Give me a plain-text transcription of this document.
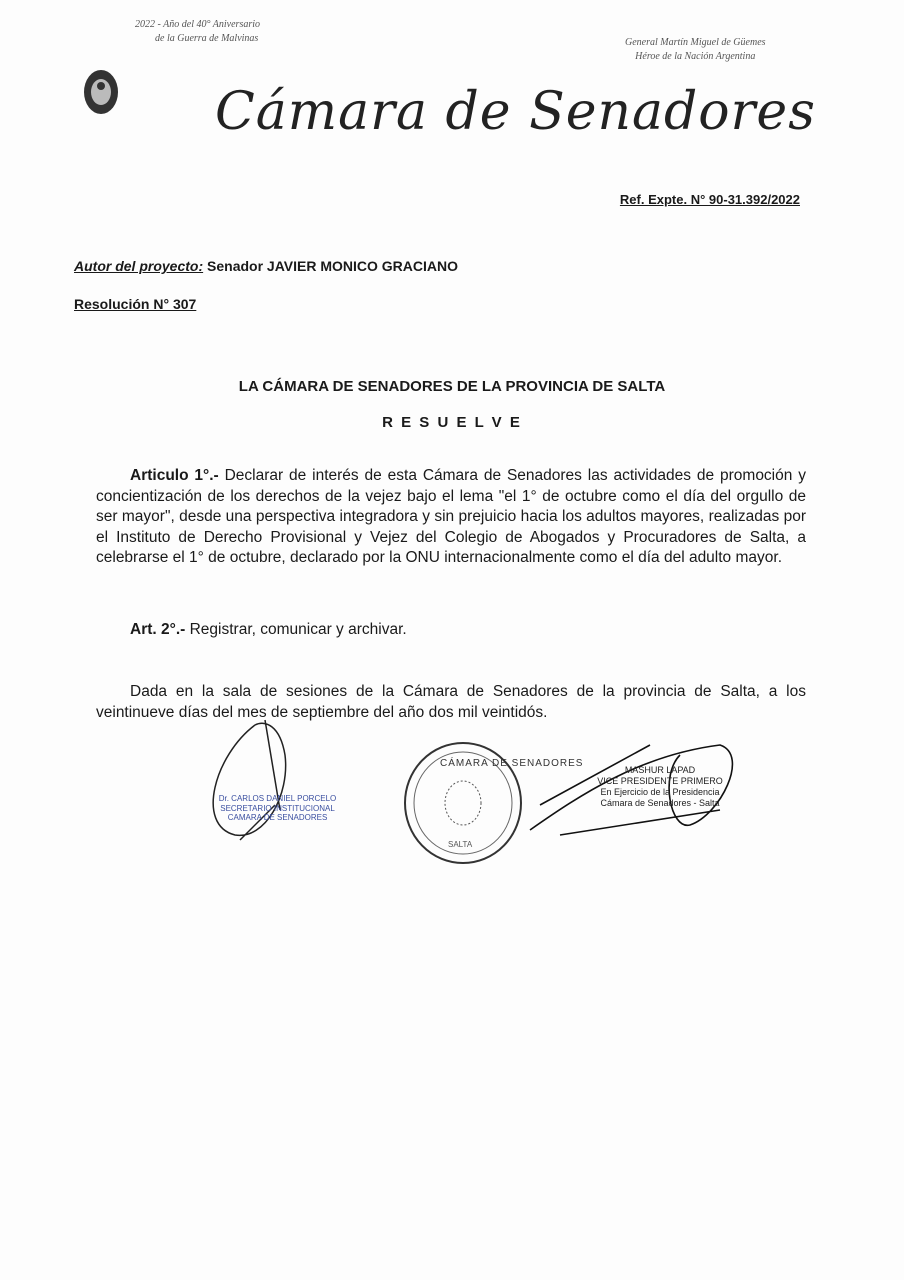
2022 - Año del 40° Aniversario
de la Guerra de Malvinas	General Martín Miguel de Güemes
Héroe de la Nación Argentina
Cámara de Senadores
Ref. Expte. N° 90-31.392/2022
Autor del proyecto: Senador JAVIER MONICO GRACIANO
Resolución N° 307
LA CÁMARA DE SENADORES DE LA PROVINCIA DE SALTA
R E S U E L V E

Articulo 1°.- Declarar de interés de esta Cámara de Senadores las actividades de promoción y concientización de los derechos de la vejez bajo el lema "el 1° de octubre como el día del orgullo de ser mayor", desde una perspectiva integradora y sin prejuicio hacia los adultos mayores, realizadas por el Instituto de Derecho Provisional y Vejez del Colegio de Abogados y Procuradores de Salta, a celebrarse el 1° de octubre, declarado por la ONU internacionalmente como el día del adulto mayor.

Art. 2°.- Registrar, comunicar y archivar.

Dada en la sala de sesiones de la Cámara de Senadores de la provincia de Salta, a los veintinueve días del mes de septiembre del año dos mil veintidós.

Dr. CARLOS DANIEL PORCELO
SECRETARIO INSTITUCIONAL
CAMARA DE SENADORES
CÁMARA DE SENADORES
SALTA
MASHUR LAPAD
VICE PRESIDENTE PRIMERO
En Ejercicio de la Presidencia
Cámara de Senadores - Salta
